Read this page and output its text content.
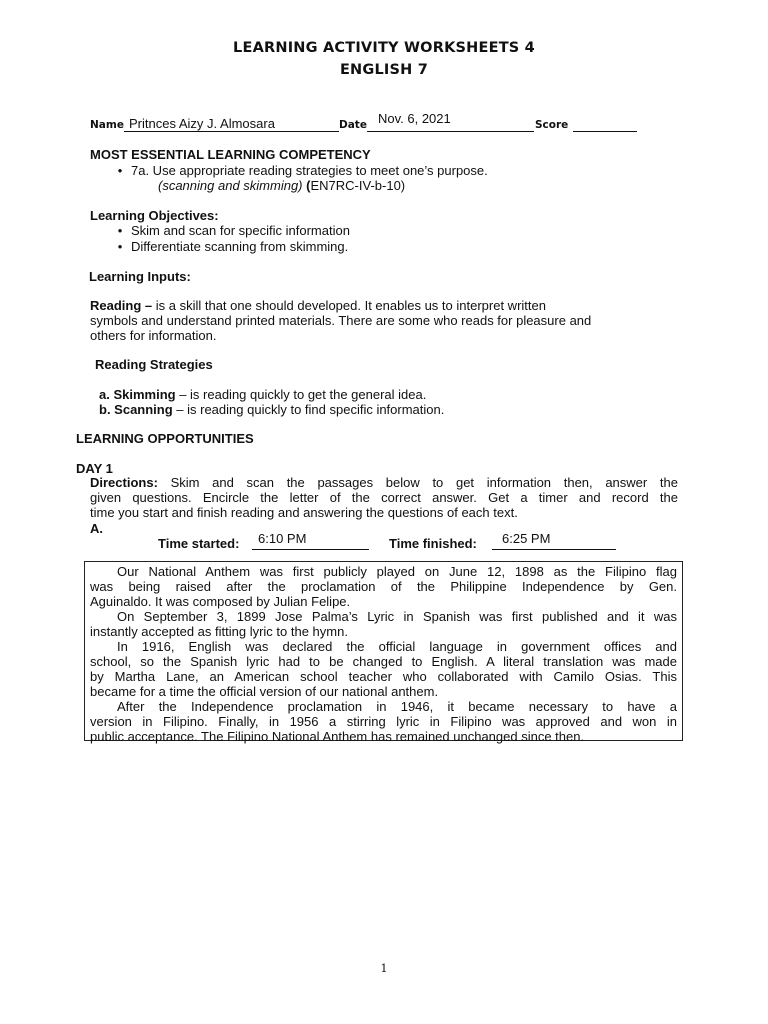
LEARNING ACTIVITY WORKSHEETS 4
ENGLISH 7
Name Pritnces Aizy J. Almosara	Date Nov. 6, 2021	Score
MOST ESSENTIAL LEARNING COMPETENCY
• 7a. Use appropriate reading strategies to meet one’s purpose.
(scanning and skimming) (EN7RC-IV-b-10)
Learning Objectives:
• Skim and scan for specific information
• Differentiate scanning from skimming.
Learning Inputs:
Reading – is a skill that one should developed. It enables us to interpret written
symbols and understand printed materials. There are some who reads for pleasure and
others for information.
Reading Strategies
a. Skimming – is reading quickly to get the general idea.
b. Scanning – is reading quickly to find specific information.
LEARNING OPPORTUNITIES
DAY 1
Directions: Skim and scan the passages below to get information then, answer the
given questions. Encircle the letter of the correct answer. Get a timer and record the
time you start and finish reading and answering the questions of each text.
A.
Time started: 6:10 PM	Time finished: 6:25 PM
Our National Anthem was first publicly played on June 12, 1898 as the Filipino flag
was being raised after the proclamation of the Philippine Independence by Gen.
Aguinaldo. It was composed by Julian Felipe.
On September 3, 1899 Jose Palma’s Lyric in Spanish was first published and it was
instantly accepted as fitting lyric to the hymn.
In 1916, English was declared the official language in government offices and
school, so the Spanish lyric had to be changed to English. A literal translation was made
by Martha Lane, an American school teacher who collaborated with Camilo Osias. This
became for a time the official version of our national anthem.
After the Independence proclamation in 1946, it became necessary to have a
version in Filipino. Finally, in 1956 a stirring lyric in Filipino was approved and won in
public acceptance. The Filipino National Anthem has remained unchanged since then.
1
